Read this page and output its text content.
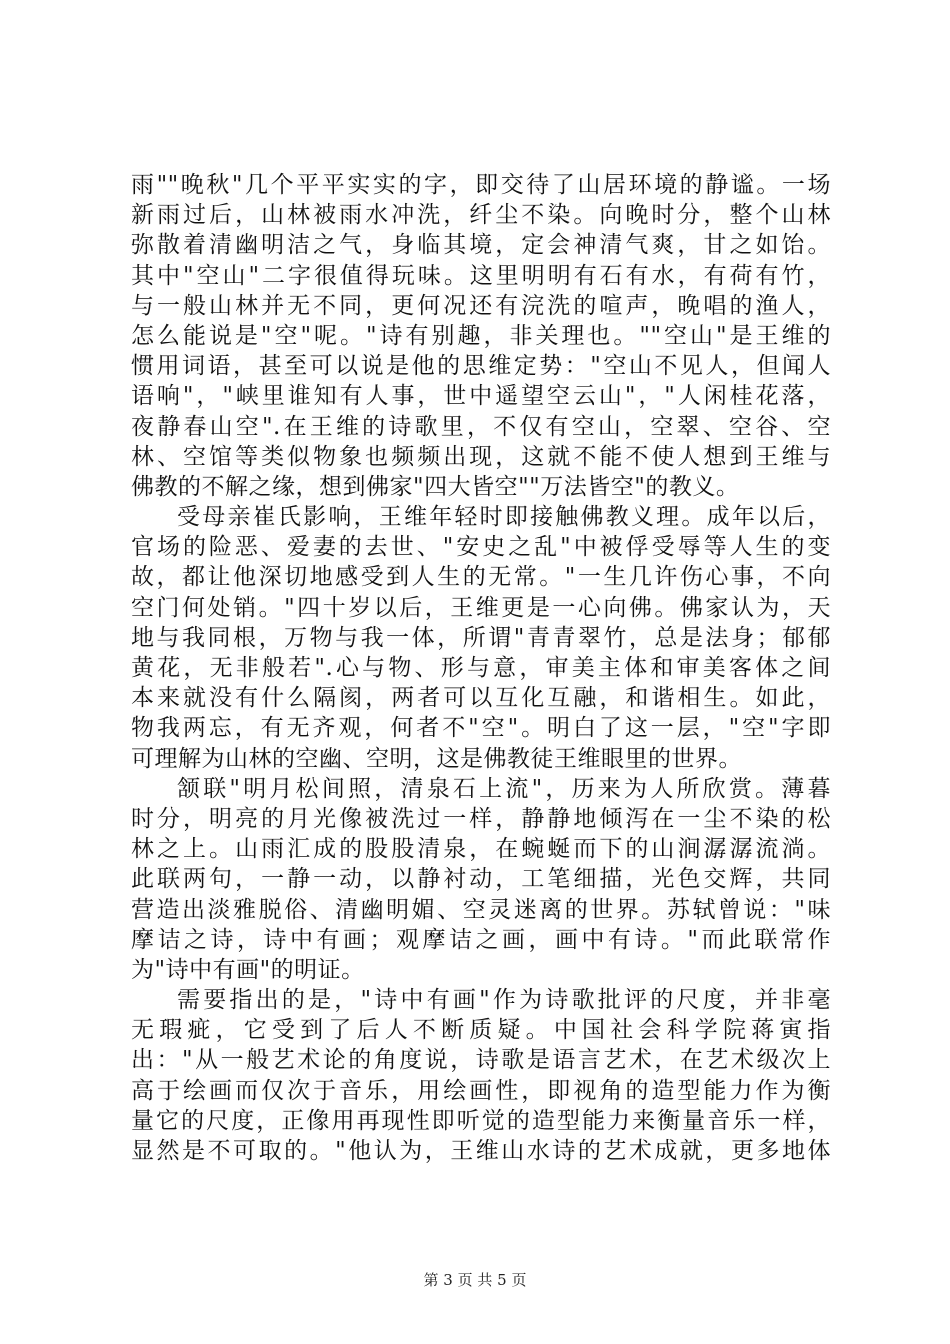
雨""晚秋"几个平平实实的字，即交待了山居环境的静谧。一场
新雨过后，山林被雨水冲洗，纤尘不染。向晚时分，整个山林
弥散着清幽明洁之气，身临其境，定会神清气爽，甘之如饴。
其中"空山"二字很值得玩味。这里明明有石有水，有荷有竹，
与一般山林并无不同，更何况还有浣洗的喧声，晚唱的渔人，
怎么能说是"空"呢。"诗有别趣，非关理也。""空山"是王维的
惯用词语，甚至可以说是他的思维定势："空山不见人，但闻人
语响"，"峡里谁知有人事，世中遥望空云山"，"人闲桂花落，
夜静春山空".在王维的诗歌里，不仅有空山，空翠、空谷、空
林、空馆等类似物象也频频出现，这就不能不使人想到王维与
佛教的不解之缘，想到佛家"四大皆空""万法皆空"的教义。
受母亲崔氏影响，王维年轻时即接触佛教义理。成年以后，
官场的险恶、爱妻的去世、"安史之乱"中被俘受辱等人生的变
故，都让他深切地感受到人生的无常。"一生几许伤心事，不向
空门何处销。"四十岁以后，王维更是一心向佛。佛家认为，天
地与我同根，万物与我一体，所谓"青青翠竹，总是法身；郁郁
黄花，无非般若".心与物、形与意，审美主体和审美客体之间
本来就没有什么隔阂，两者可以互化互融，和谐相生。如此，
物我两忘，有无齐观，何者不"空"。明白了这一层，"空"字即
可理解为山林的空幽、空明，这是佛教徒王维眼里的世界。
颔联"明月松间照，清泉石上流"，历来为人所欣赏。薄暮
时分，明亮的月光像被洗过一样，静静地倾泻在一尘不染的松
林之上。山雨汇成的股股清泉，在蜿蜒而下的山涧潺潺流淌。
此联两句，一静一动，以静衬动，工笔细描，光色交辉，共同
营造出淡雅脱俗、清幽明媚、空灵迷离的世界。苏轼曾说："味
摩诘之诗，诗中有画；观摩诘之画，画中有诗。"而此联常作
为"诗中有画"的明证。
需要指出的是，"诗中有画"作为诗歌批评的尺度，并非毫
无瑕疵，它受到了后人不断质疑。中国社会科学院蒋寅指
出："从一般艺术论的角度说，诗歌是语言艺术，在艺术级次上
高于绘画而仅次于音乐，用绘画性，即视角的造型能力作为衡
量它的尺度，正像用再现性即听觉的造型能力来衡量音乐一样，
显然是不可取的。"他认为，王维山水诗的艺术成就，更多地体
第 3 页 共 5 页
